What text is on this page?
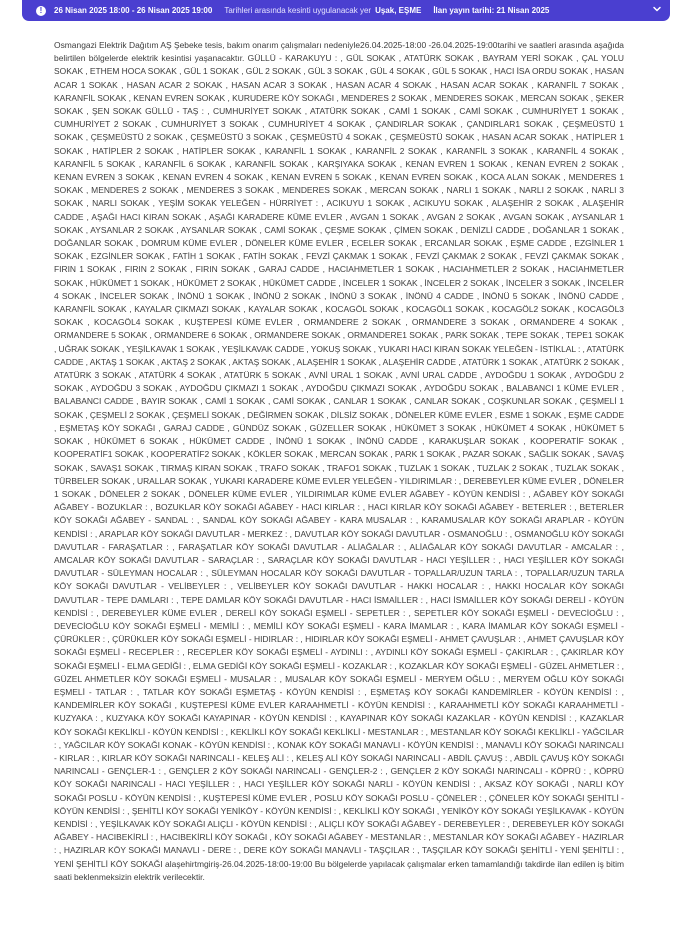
!	26 Nisan 2025 18:00 - 26 Nisan 2025 19:00 Tarihleri arasında kesinti uygulanacak yer Uşak, EŞME İlan yayın tarihi: 21 Nisan 2025

Osmangazi Elektrik Dağıtım AŞ Şebeke tesis, bakım onarım çalışmaları nedeniyle26.04.2025-18:00 -26.04.2025-19:00tarihi ve saatleri arasında aşağıda belirtilen bölgelerde elektrik kesintisi yaşanacaktır. GÜLLÜ - KARAKUYU : , GÜL SOKAK , ATATÜRK SOKAK , BAYRAM YERİ SOKAK , ÇAL YOLU SOKAK , ETHEM HOCA SOKAK , GÜL 1 SOKAK , GÜL 2 SOKAK , GÜL 3 SOKAK , GÜL 4 SOKAK , GÜL 5 SOKAK , HACI İSA ORDU SOKAK , HASAN ACAR 1 SOKAK , HASAN ACAR 2 SOKAK , HASAN ACAR 3 SOKAK , HASAN ACAR 4 SOKAK , HASAN ACAR SOKAK , KARANFİL 7 SOKAK , KARANFİL SOKAK , KENAN EVREN SOKAK , KURUDERE KÖY SOKAĞI , MENDERES 2 SOKAK , MENDERES SOKAK , MERCAN SOKAK , ŞEKER SOKAK , ŞEN SOKAK GÜLLÜ - TAŞ : , CUMHURİYET SOKAK , ATATÜRK SOKAK , CAMİ 1 SOKAK , CAMİ SOKAK , CUMHURİYET 1 SOKAK , CUMHURİYET 2 SOKAK , CUMHURİYET 3 SOKAK , CUMHURİYET 4 SOKAK , ÇANDIRLAR SOKAK , ÇANDIRLAR1 SOKAK , ÇEŞMEÜSTÜ 1 SOKAK , ÇEŞMEÜSTÜ 2 SOKAK , ÇEŞMEÜSTÜ 3 SOKAK , ÇEŞMEÜSTÜ 4 SOKAK , ÇEŞMEÜSTÜ SOKAK , HASAN ACAR SOKAK , HATİPLER 1 SOKAK , HATİPLER 2 SOKAK , HATİPLER SOKAK , KARANFİL 1 SOKAK , KARANFİL 2 SOKAK , KARANFİL 3 SOKAK , KARANFİL 4 SOKAK , KARANFİL 5 SOKAK , KARANFİL 6 SOKAK , KARANFİL SOKAK , KARŞIYAKA SOKAK , KENAN EVREN 1 SOKAK , KENAN EVREN 2 SOKAK , KENAN EVREN 3 SOKAK , KENAN EVREN 4 SOKAK , KENAN EVREN 5 SOKAK , KENAN EVREN SOKAK , KOCA ALAN SOKAK , MENDERES 1 SOKAK , MENDERES 2 SOKAK , MENDERES 3 SOKAK , MENDERES SOKAK , MERCAN SOKAK , NARLI 1 SOKAK , NARLI 2 SOKAK , NARLI 3 SOKAK , NARLI SOKAK , YEŞİM SOKAK YELEĞEN - HÜRRİYET : , ACIKUYU 1 SOKAK , ACIKUYU SOKAK , ALAŞEHİR 2 SOKAK , ALAŞEHİR CADDE , AŞAĞI HACI KIRAN SOKAK , AŞAĞI KARADERE KÜME EVLER , AVGAN 1 SOKAK , AVGAN 2 SOKAK , AVGAN SOKAK , AYSANLAR 1 SOKAK , AYSANLAR 2 SOKAK , AYSANLAR SOKAK , CAMİ SOKAK , ÇEŞME SOKAK , ÇİMEN SOKAK , DENİZLİ CADDE , DOĞANLAR 1 SOKAK , DOĞANLAR SOKAK , DOMRUM KÜME EVLER , DÖNELER KÜME EVLER , ECELER SOKAK , ERCANLAR SOKAK , EŞME CADDE , EZGİNLER 1 SOKAK , EZGİNLER SOKAK , FATİH 1 SOKAK , FATİH SOKAK , FEVZİ ÇAKMAK 1 SOKAK , FEVZİ ÇAKMAK 2 SOKAK , FEVZİ ÇAKMAK SOKAK , FIRIN 1 SOKAK , FIRIN 2 SOKAK , FIRIN SOKAK , GARAJ CADDE , HACIAHMETLER 1 SOKAK , HACIAHMETLER 2 SOKAK , HACIAHMETLER SOKAK , HÜKÜMET 1 SOKAK , HÜKÜMET 2 SOKAK , HÜKÜMET CADDE , İNCELER 1 SOKAK , İNCELER 2 SOKAK , İNCELER 3 SOKAK , İNCELER 4 SOKAK , İNCELER SOKAK , İNÖNÜ 1 SOKAK , İNÖNÜ 2 SOKAK , İNÖNÜ 3 SOKAK , İNÖNÜ 4 CADDE , İNÖNÜ 5 SOKAK , İNÖNÜ CADDE , KARANFİL SOKAK , KAYALAR ÇIKMAZI SOKAK , KAYALAR SOKAK , KOCAGÖL SOKAK , KOCAGÖL1 SOKAK , KOCAGÖL2 SOKAK , KOCAGÖL3 SOKAK , KOCAGÖL4 SOKAK , KUŞTEPESİ KÜME EVLER , ORMANDERE 2 SOKAK , ORMANDERE 3 SOKAK , ORMANDERE 4 SOKAK , ORMANDERE 5 SOKAK , ORMANDERE 6 SOKAK , ORMANDERE SOKAK , ORMANDERE1 SOKAK , PARK SOKAK , TEPE SOKAK , TEPE1 SOKAK , UĞRAK SOKAK , YEŞİLKAVAK 1 SOKAK , YEŞİLKAVAK CADDE , YOKUŞ SOKAK , YUKARI HACI KIRAN SOKAK YELEĞEN - İSTİKLAL : , ATATÜRK CADDE , AKTAŞ 1 SOKAK , AKTAŞ 2 SOKAK , AKTAŞ SOKAK , ALAŞEHİR 1 SOKAK , ALAŞEHİR CADDE , ATATÜRK 1 SOKAK , ATATÜRK 2 SOKAK , ATATÜRK 3 SOKAK , ATATÜRK 4 SOKAK , ATATÜRK 5 SOKAK , AVNİ URAL 1 SOKAK , AVNİ URAL CADDE , AYDOĞDU 1 SOKAK , AYDOĞDU 2 SOKAK , AYDOĞDU 3 SOKAK , AYDOĞDU ÇIKMAZI 1 SOKAK , AYDOĞDU ÇIKMAZI SOKAK , AYDOĞDU SOKAK , BALABANCI 1 KÜME EVLER , BALABANCI CADDE , BAYIR SOKAK , CAMİ 1 SOKAK , CAMİ SOKAK , CANLAR 1 SOKAK , CANLAR SOKAK , COŞKUNLAR SOKAK , ÇEŞMELİ 1 SOKAK , ÇEŞMELİ 2 SOKAK , ÇEŞMELİ SOKAK , DEĞİRMEN SOKAK , DİLSİZ SOKAK , DÖNELER KÜME EVLER , ESME 1 SOKAK , EŞME CADDE , EŞMETAŞ KÖY SOKAĞI , GARAJ CADDE , GÜNDÜZ SOKAK , GÜZELLER SOKAK , HÜKÜMET 3 SOKAK , HÜKÜMET 4 SOKAK , HÜKÜMET 5 SOKAK , HÜKÜMET 6 SOKAK , HÜKÜMET CADDE , İNÖNÜ 1 SOKAK , İNÖNÜ CADDE , KARAKUŞLAR SOKAK , KOOPERATİF SOKAK , KOOPERATİF1 SOKAK , KOOPERATİF2 SOKAK , KÖKLER SOKAK , MERCAN SOKAK , PARK 1 SOKAK , PAZAR SOKAK , SAĞLIK SOKAK , SAVAŞ SOKAK , SAVAŞ1 SOKAK , TIRMAŞ KIRAN SOKAK , TRAFO SOKAK , TRAFO1 SOKAK , TUZLAK 1 SOKAK , TUZLAK 2 SOKAK , TUZLAK SOKAK , TÜRBELER SOKAK , URALLAR SOKAK , YUKARI KARADERE KÜME EVLER YELEĞEN - YILDIRIMLAR : , DEREBEYLER KÜME EVLER , DÖNELER 1 SOKAK , DÖNELER 2 SOKAK , DÖNELER KÜME EVLER , YILDIRIMLAR KÜME EVLER AĞABEY - KÖYÜN KENDİSİ : , AĞABEY KÖY SOKAĞI AĞABEY - BOZUKLAR : , BOZUKLAR KÖY SOKAĞI AĞABEY - HACI KIRLAR : , HACI KIRLAR KÖY SOKAĞI AĞABEY - BETERLER : , BETERLER KÖY SOKAĞI AĞABEY - SANDAL : , SANDAL KÖY SOKAĞI AĞABEY - KARA MUSALAR : , KARAMUSALAR KÖY SOKAĞI ARAPLAR - KÖYÜN KENDİSİ : , ARAPLAR KÖY SOKAĞI DAVUTLAR - MERKEZ : , DAVUTLAR KÖY SOKAĞI DAVUTLAR - OSMANOĞLU : , OSMANOĞLU KÖY SOKAĞI DAVUTLAR - FARAŞATLAR : , FARAŞATLAR KÖY SOKAĞI DAVUTLAR - ALİAĞALAR : , ALİAĞALAR KÖY SOKAĞI DAVUTLAR - AMCALAR : , AMCALAR KÖY SOKAĞI DAVUTLAR - SARAÇLAR : , SARAÇLAR KÖY SOKAĞI DAVUTLAR - HACI YEŞİLLER : , HACI YEŞİLLER KÖY SOKAĞI DAVUTLAR - SÜLEYMAN HOCALAR : , SÜLEYMAN HOCALAR KÖY SOKAĞI DAVUTLAR - TOPALLAR/UZUN TARLA : , TOPALLAR/UZUN TARLA KÖY SOKAĞI DAVUTLAR - VELİBEYLER : , VELİBEYLER KÖY SOKAĞI DAVUTLAR - HAKKI HOCALAR : , HAKKI HOCALAR KÖY SOKAĞI DAVUTLAR - TEPE DAMLARI : , TEPE DAMLAR KÖY SOKAĞI DAVUTLAR - HACI İSMAİLLER : , HACI İSMAİLLER KÖY SOKAĞI DERELİ - KÖYÜN KENDİSİ : , DEREBEYLER KÜME EVLER , DERELİ KÖY SOKAĞI EŞMELİ - SEPETLER : , SEPETLER KÖY SOKAĞI EŞMELİ - DEVECİOĞLU : , DEVECİOĞLU KÖY SOKAĞI EŞMELİ - MEMİLİ : , MEMİLİ KÖY SOKAĞI EŞMELİ - KARA İMAMLAR : , KARA İMAMLAR KÖY SOKAĞI EŞMELİ - ÇÜRÜKLER : , ÇÜRÜKLER KÖY SOKAĞI EŞMELİ - HIDIRLAR : , HIDIRLAR KÖY SOKAĞI EŞMELİ - AHMET ÇAVUŞLAR : , AHMET ÇAVUŞLAR KÖY SOKAĞI EŞMELİ - RECEPLER : , RECEPLER KÖY SOKAĞI EŞMELİ - AYDINLI : , AYDINLI KÖY SOKAĞI EŞMELİ - ÇAKIRLAR : , ÇAKIRLAR KÖY SOKAĞI EŞMELİ - ELMA GEDİĞİ : , ELMA GEDİĞİ KÖY SOKAĞI EŞMELİ - KOZAKLAR : , KOZAKLAR KÖY SOKAĞI EŞMELİ - GÜZEL AHMETLER : , GÜZEL AHMETLER KÖY SOKAĞI EŞMELİ - MUSALAR : , MUSALAR KÖY SOKAĞI EŞMELİ - MERYEM OĞLU : , MERYEM OĞLU KÖY SOKAĞI EŞMELİ - TATLAR : , TATLAR KÖY SOKAĞI EŞMETAŞ - KÖYÜN KENDİSİ : , EŞMETAŞ KÖY SOKAĞI KANDEMİRLER - KÖYÜN KENDİSİ : , KANDEMİRLER KÖY SOKAĞI , KUŞTEPESİ KÜME EVLER KARAAHMETLİ - KÖYÜN KENDİSİ : , KARAAHMETLİ KÖY SOKAĞI KARAAHMETLİ - KUZYAKA : , KUZYAKA KÖY SOKAĞI KAYAPINAR - KÖYÜN KENDİSİ : , KAYAPINAR KÖY SOKAĞI KAZAKLAR - KÖYÜN KENDİSİ : , KAZAKLAR KÖY SOKAĞI KEKLİKLİ - KÖYÜN KENDİSİ : , KEKLİKLİ KÖY SOKAĞI KEKLİKLİ - MESTANLAR : , MESTANLAR KÖY SOKAĞI KEKLİKLİ - YAĞCILAR : , YAĞCILAR KÖY SOKAĞI KONAK - KÖYÜN KENDİSİ : , KONAK KÖY SOKAĞI MANAVLI - KÖYÜN KENDİSİ : , MANAVLI KÖY SOKAĞI NARINCALI - KIRLAR : , KIRLAR KÖY SOKAĞI NARINCALI - KELEŞ ALİ : , KELEŞ ALİ KÖY SOKAĞI NARINCALI - ABDİL ÇAVUŞ : , ABDİL ÇAVUŞ KÖY SOKAĞI NARINCALI - GENÇLER-1 : , GENÇLER 2 KÖY SOKAĞI NARINCALI - GENÇLER-2 : , GENÇLER 2 KÖY SOKAĞI NARINCALI - KÖPRÜ : , KÖPRÜ KÖY SOKAĞI NARINCALI - HACI YEŞİLLER : , HACI YEŞİLLER KÖY SOKAĞI NARLI - KÖYÜN KENDİSİ : , AKSAZ KÖY SOKAĞI , NARLI KÖY SOKAĞI POSLU - KÖYÜN KENDİSİ : , KUŞTEPESİ KÜME EVLER , POSLU KÖY SOKAĞI POSLU - ÇÖNELER : , ÇÖNELER KÖY SOKAĞI ŞEHİTLİ - KÖYÜN KENDİSİ : , ŞEHİTLİ KÖY SOKAĞI YENİKÖY - KÖYÜN KENDİSİ : , KEKLİKLİ KÖY SOKAĞI , YENİKÖY KÖY SOKAĞI YEŞİLKAVAK - KÖYÜN KENDİSİ : , YEŞİLKAVAK KÖY SOKAĞI ALIÇLI - KÖYÜN KENDİSİ : , ALIÇLI KÖY SOKAĞI AĞABEY - DEREBEYLER : , DEREBEYLER KÖY SOKAĞI AĞABEY - HACIBEKİRLİ : , HACIBEKİRLİ KÖY SOKAĞI , KÖY SOKAĞI AĞABEY - MESTANLAR : , MESTANLAR KÖY SOKAĞI AĞABEY - HAZIRLAR : , HAZIRLAR KÖY SOKAĞI MANAVLI - DERE : , DERE KÖY SOKAĞI MANAVLI - TAŞÇILAR : , TAŞÇILAR KÖY SOKAĞI ŞEHİTLİ - YENİ ŞEHİTLİ : , YENİ ŞEHİTLİ KÖY SOKAĞI alaşehirtmgiriş-26.04.2025-18:00-19:00 Bu bölgelerde yapılacak çalışmalar erken tamamlandığı takdirde ilan edilen iş bitim saati beklenmeksizin elektrik verilecektir.
